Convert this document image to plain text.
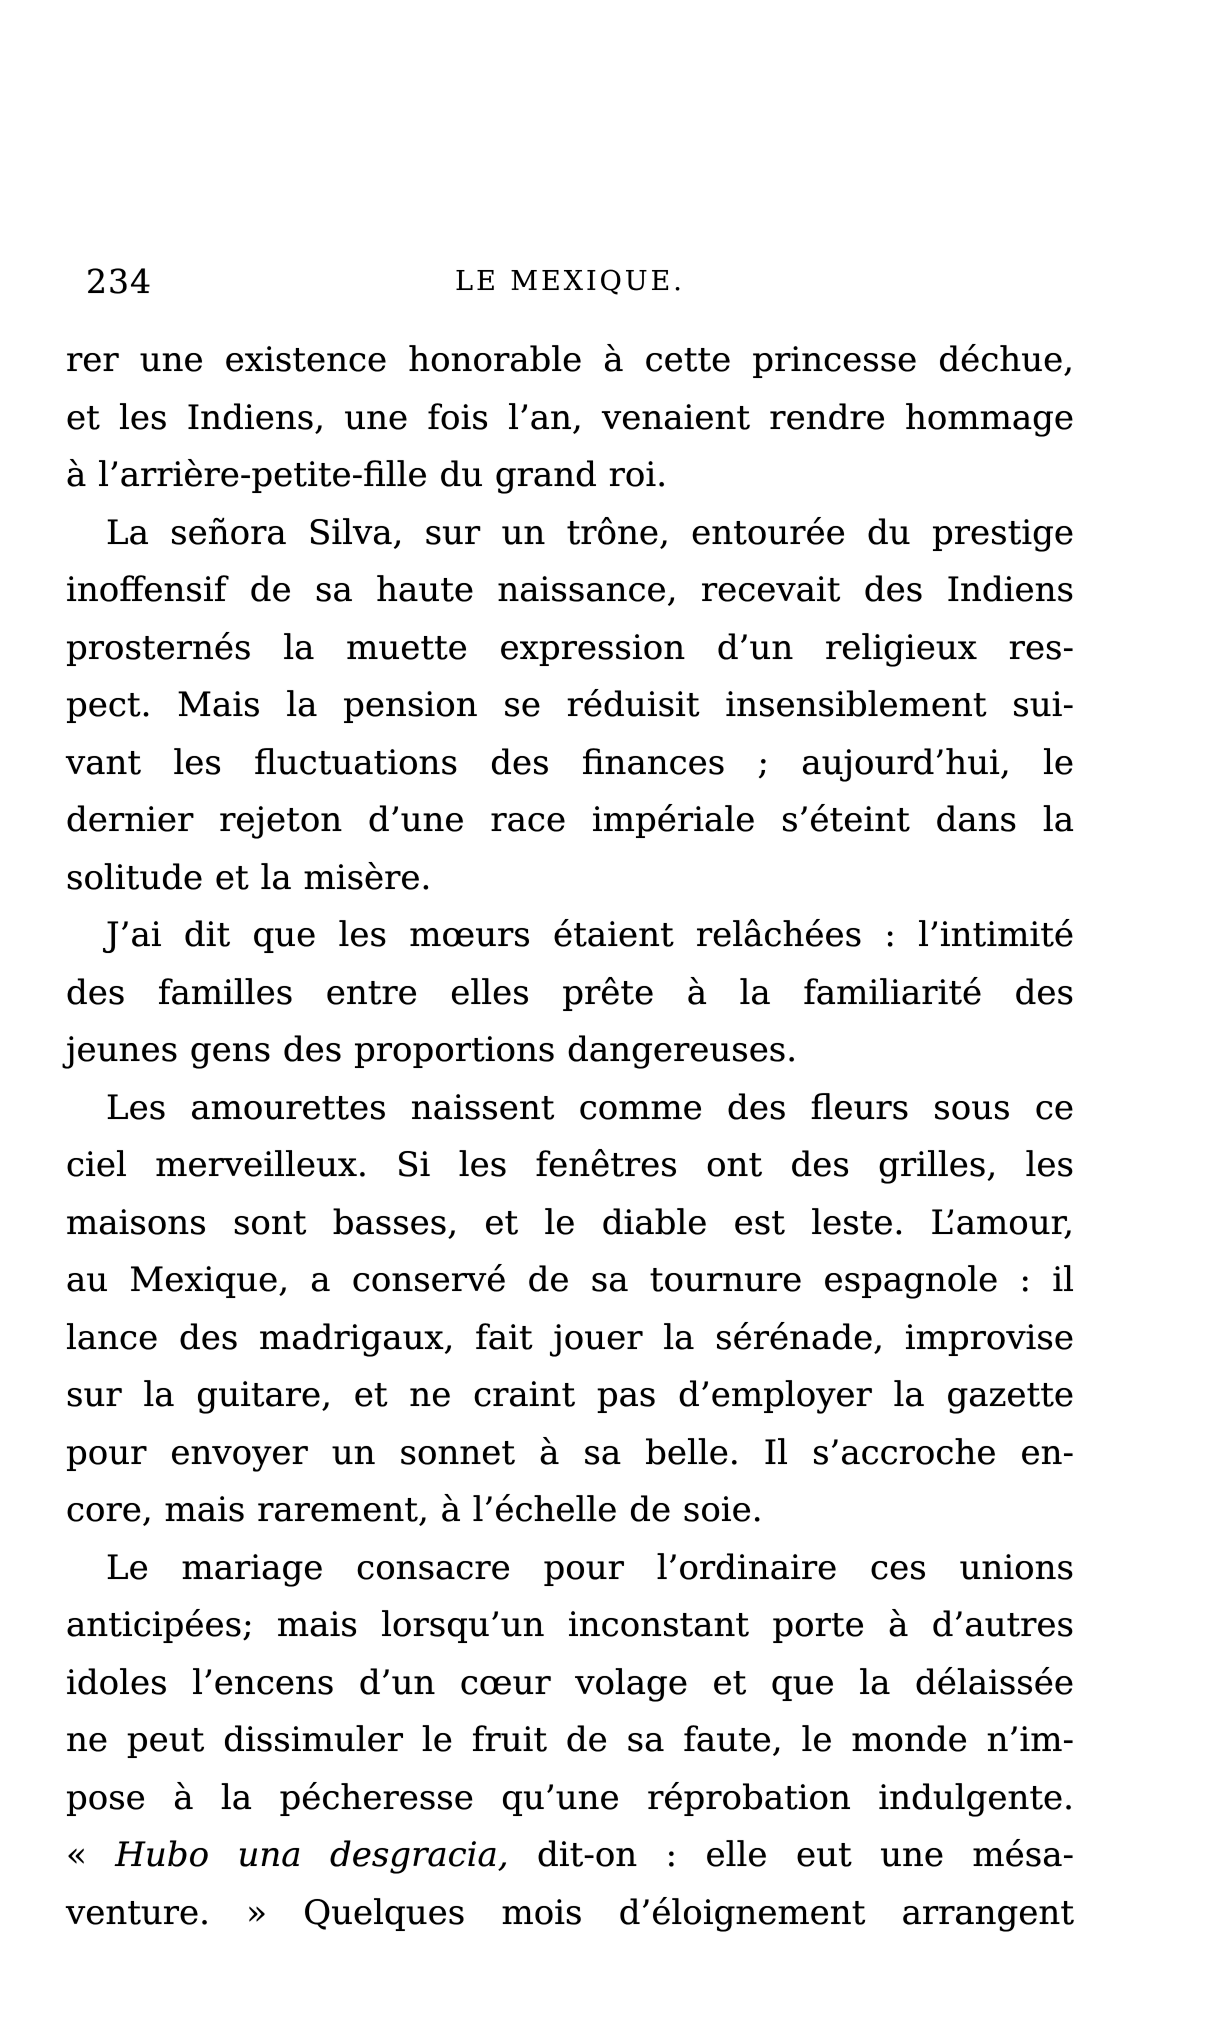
234	LE MEXIQUE.
rer une existence honorable à cette princesse déchue,
et les Indiens, une fois l’an, venaient rendre hommage
à l’arrière-petite-fille du grand roi.
La señora Silva, sur un trône, entourée du prestige
inoffensif de sa haute naissance, recevait des Indiens
prosternés la muette expression d’un religieux res-
pect. Mais la pension se réduisit insensiblement sui-
vant les fluctuations des finances ; aujourd’hui, le
dernier rejeton d’une race impériale s’éteint dans la
solitude et la misère.
J’ai dit que les mœurs étaient relâchées : l’intimité
des familles entre elles prête à la familiarité des
jeunes gens des proportions dangereuses.
Les amourettes naissent comme des fleurs sous ce
ciel merveilleux. Si les fenêtres ont des grilles, les
maisons sont basses, et le diable est leste. L’amour,
au Mexique, a conservé de sa tournure espagnole : il
lance des madrigaux, fait jouer la sérénade, improvise
sur la guitare, et ne craint pas d’employer la gazette
pour envoyer un sonnet à sa belle. Il s’accroche en-
core, mais rarement, à l’échelle de soie.
Le mariage consacre pour l’ordinaire ces unions
anticipées; mais lorsqu’un inconstant porte à d’autres
idoles l’encens d’un cœur volage et que la délaissée
ne peut dissimuler le fruit de sa faute, le monde n’im-
pose à la pécheresse qu’une réprobation indulgente.
« Hubo una desgracia, dit-on : elle eut une mésa-
venture. » Quelques mois d’éloignement arrangent
